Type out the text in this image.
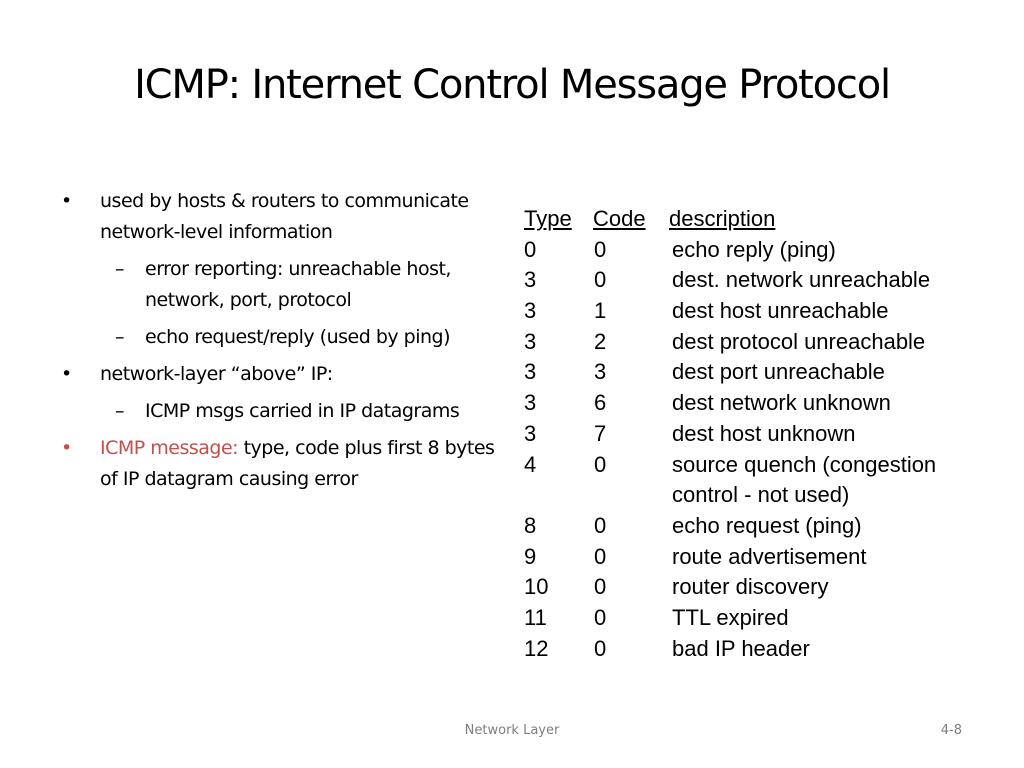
ICMP: Internet Control Message Protocol
• used by hosts & routers to communicate network-level information
– error reporting: unreachable host, network, port, protocol
– echo request/reply (used by ping)
• network-layer “above” IP:
– ICMP msgs carried in IP datagrams
• ICMP message: type, code plus first 8 bytes of IP datagram causing error
Type Code description
0	0	echo reply (ping)
3	0	dest. network unreachable
3	1	dest host unreachable
3	2	dest protocol unreachable
3	3	dest port unreachable
3	6	dest network unknown
3	7	dest host unknown
4	0	source quench (congestion
control - not used)
8	0	echo request (ping)
9	0	route advertisement
10 0	router discovery
11 0	TTL expired
12 0	bad IP header
Network Layer	4-8
